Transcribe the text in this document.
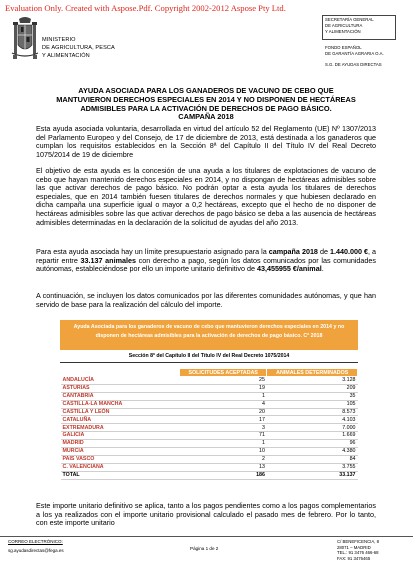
Evaluation Only. Created with Aspose.Pdf. Copyright 2002-2012 Aspose Pty Ltd.
MINISTERIO
DE AGRICULTURA, PESCA
Y ALIMENTACIÓN
SECRETARÍA GENERAL
DE AGRICULTURA
Y ALIMENTACIÓN
FONDO ESPAÑOL
DE GARANTÍA AGRARIA O.A.
S.G. DE AYUDAS DIRECTAS
AYUDA ASOCIADA PARA LOS GANADEROS DE VACUNO DE CEBO QUE
MANTUVIERON DERECHOS ESPECIALES EN 2014 Y NO DISPONEN DE HECTÁREAS
ADMISIBLES PARA LA ACTIVACIÓN DE DERECHOS DE PAGO BÁSICO.
CAMPAÑA 2018

Esta ayuda asociada voluntaria, desarrollada en virtud del artículo 52 del Reglamento (UE) Nº 1307/2013 del Parlamento Europeo y del Consejo, de 17 de diciembre de 2013, está destinada a los ganaderos que cumplan los requisitos establecidos en la Sección 8ª del Capítulo II del Título IV del Real Decreto 1075/2014 de 19 de diciembre

El objetivo de esta ayuda es la concesión de una ayuda a los titulares de explotaciones de vacuno de cebo que hayan mantenido derechos especiales en 2014, y no dispongan de hectáreas admisibles sobre las que activar derechos de pago básico. No podrán optar a esta ayuda los titulares de derechos especiales, que en 2014 también fuesen titulares de derechos normales y que hubiesen declarado en dicha campaña una superficie igual o mayor a 0,2 hectáreas, excepto que el hecho de no disponer de hectáreas admisibles sobre las que activar derechos de pago básico se deba a las ausencia de hectáreas admisibles determinadas en la declaración de la solicitud de ayudas del año 2013.

Para esta ayuda asociada hay un límite presupuestario asignado para la campaña 2018 de 1.440.000 €, a repartir entre 33.137 animales con derecho a pago, según los datos comunicados por las comunidades autónomas, estableciéndose por ello un importe unitario definitivo de 43,455955 €/animal.

A continuación, se incluyen los datos comunicados por las diferentes comunidades autónomas, y que han servido de base para la realización del cálculo del importe.

Ayuda Asociada para los ganaderos de vacuno de cebo que mantuvieron derechos especiales en 2014 y no
disponen de hectáreas admisibles para la activación de derechos de pago básico. Cª 2018
Sección 8ª del Capítulo II del Título IV del Real Decreto 1075/2014
	SOLICITUDES ACEPTADAS	ANIMALES DETERMINADOS
ANDALUCÍA	25	3.128
ASTURIAS	19	209
CANTABRIA	1	35
CASTILLA-LA MANCHA	4	105
CASTILLA Y LEÓN	20	8.573
CATALUÑA	17	4.103
EXTREMADURA	3	7.000
GALICIA	71	1.669
MADRID	1	96
MURCIA	10	4.380
PAIS VASCO	2	84
C. VALENCIANA	13	3.755
TOTAL	186	33.137

Este importe unitario definitivo se aplica, tanto a los pagos pendientes como a los pagos complementarios a los ya realizados con el importe unitario provisional calculado el pasado mes de febrero. Por lo tanto, con este importe unitario

CORREO ELECTRÓNICO:
sg.ayudasdirectas@fega.es	Página 1 de 2
C/ BENEFICENCIA, 8
28071 – MADRID
TEL.: 91 3476 466-68
FAX: 91 3476465
